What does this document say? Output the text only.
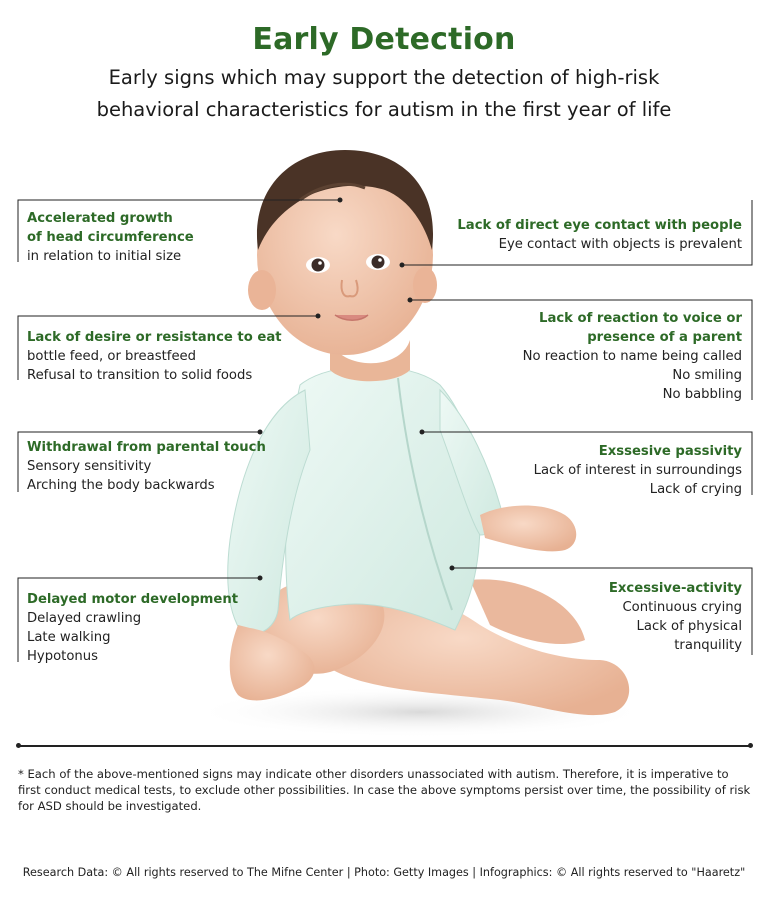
Early Detection
Early signs which may support the detection of high-risk
behavioral characteristics for autism in the first year of life
Accelerated growth
of head circumference
in relation to initial size
Lack of desire or resistance to eat
bottle feed, or breastfeed
Refusal to transition to solid foods
Withdrawal from parental touch
Sensory sensitivity
Arching the body backwards
Delayed motor development
Delayed crawling
Late walking
Hypotonus
Lack of direct eye contact with people
Eye contact with objects is prevalent
Lack of reaction to voice or
presence of a parent
No reaction to name being called
No smiling
No babbling
Exssesive passivity
Lack of interest in surroundings
Lack of crying
Excessive-activity
Continuous crying
Lack of physical
tranquility
* Each of the above-mentioned signs may indicate other disorders unassociated with autism. Therefore, it is imperative to first conduct medical tests, to exclude other possibilities. In case the above symptoms persist over time, the possibility of risk for ASD should be investigated.
Research Data: © All rights reserved to The Mifne Center | Photo: Getty Images | Infographics: © All rights reserved to "Haaretz"
